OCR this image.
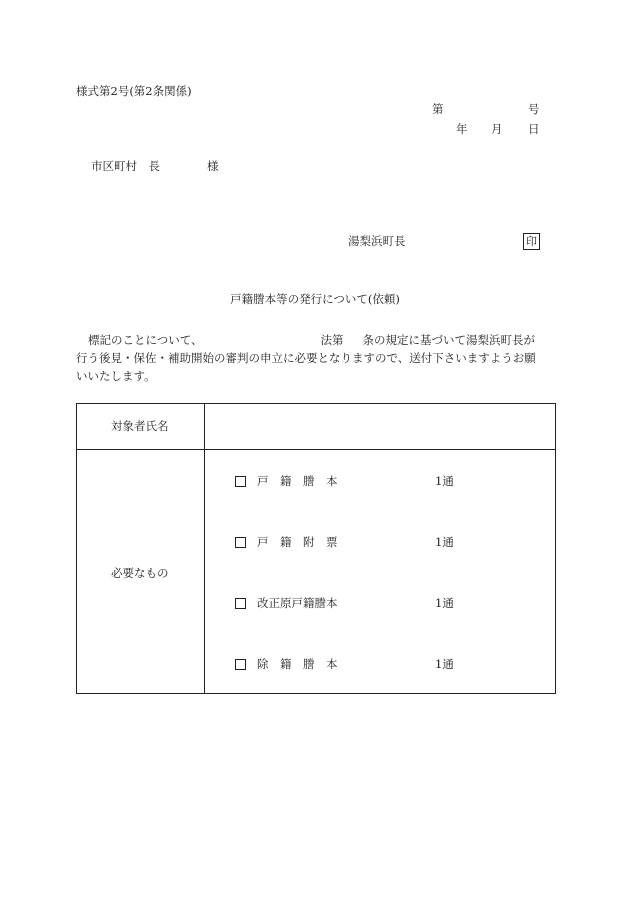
様式第2号(第2条関係)
第	号
年 月 日
市区町村　長	様
湯梨浜町長	印
戸籍謄本等の発行について(依頼)
標記のことについて、	法第 条の規定に基づいて湯梨浜町長が
行う後見・保佐・補助開始の審判の申立に必要となりますので、送付下さいますようお願
いいたします。
対象者氏名
必要なもの
戸　籍　謄　本	1通
戸　籍　附　票	1通
改正原戸籍謄本	1通
除　籍　謄　本	1通
